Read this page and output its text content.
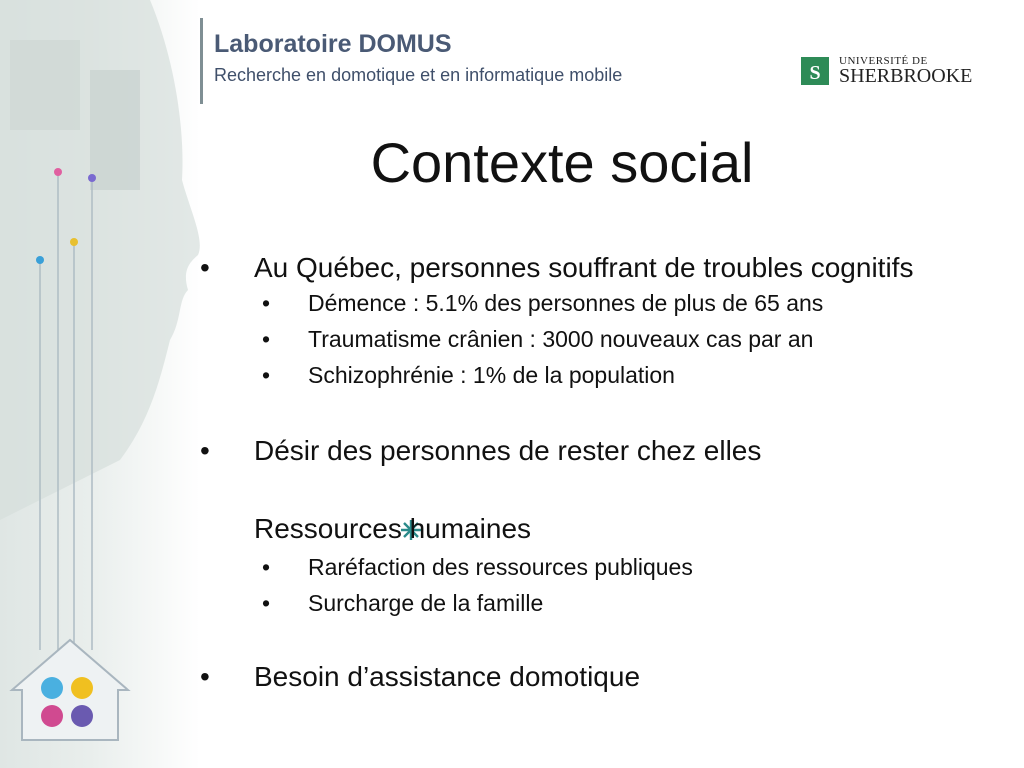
Laboratoire DOMUS
Recherche en domotique et en informatique mobile	S
UNIVERSITÉ DE
SHERBROOKE
Contexte social
•	Au Québec, personnes souffrant de troubles cognitifs
• Démence : 5.1% des personnes de plus de 65 ans
• Traumatisme crânien : 3000 nouveaux cas par an
• Schizophrénie : 1% de la population
•	Désir des personnes de rester chez elles
Ressources humaines
• Raréfaction des ressources publiques
• Surcharge de la famille
•	Besoin d’assistance domotique
